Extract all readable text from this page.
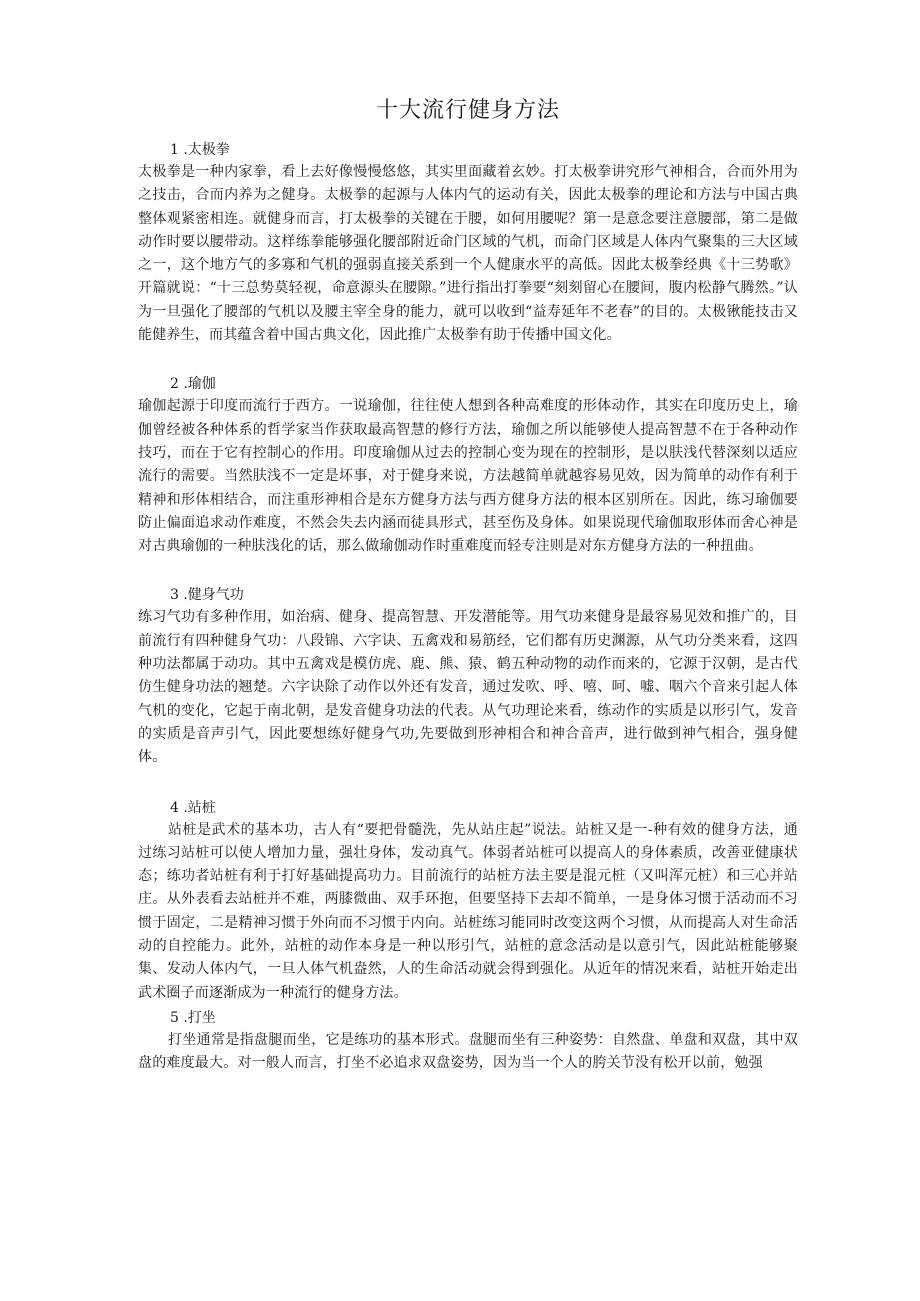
十大流行健身方法

1 .太极拳

太极拳是一种内家拳，看上去好像慢慢悠悠，其实里面藏着玄妙。打太极拳讲究形气神相合，合而外用为之技击，合而内养为之健身。太极拳的起源与人体内气的运动有关，因此太极拳的理论和方法与中国古典整体观紧密相连。就健身而言，打太极拳的关键在于腰，如何用腰呢？第一是意念要注意腰部，第二是做动作时要以腰带动。这样练拳能够强化腰部附近命门区域的气机，而命门区域是人体内气聚集的三大区域之一，这个地方气的多寡和气机的强弱直接关系到一个人健康水平的高低。因此太极拳经典《十三势歌》开篇就说：“十三总势莫轻视，命意源头在腰隙。”进行指出打拳要“刻刻留心在腰间，腹内松静气腾然。”认为一旦强化了腰部的气机以及腰主宰全身的能力，就可以收到“益寿延年不老春”的目的。太极锹能技击又能健养生，而其蕴含着中国古典文化，因此推广太极拳有助于传播中国文化。

2 .瑜伽

瑜伽起源于印度而流行于西方。一说瑜伽，往往使人想到各种高难度的形体动作，其实在印度历史上，瑜伽曾经被各种体系的哲学家当作获取最高智慧的修行方法，瑜伽之所以能够使人提高智慧不在于各种动作技巧，而在于它有控制心的作用。印度瑜伽从过去的控制心变为现在的控制形，是以肤浅代替深刻以适应流行的需要。当然肤浅不一定是坏事，对于健身来说，方法越简单就越容易见效，因为简单的动作有利于精神和形体相结合，而注重形神相合是东方健身方法与西方健身方法的根本区别所在。因此，练习瑜伽要防止偏面追求动作难度，不然会失去内涵而徒具形式，甚至伤及身体。如果说现代瑜伽取形体而舍心神是对古典瑜伽的一种肤浅化的话，那么做瑜伽动作时重难度而轻专注则是对东方健身方法的一种扭曲。

3 .健身气功

练习气功有多种作用，如治病、健身、提高智慧、开发潜能等。用气功来健身是最容易见效和推广的，目前流行有四种健身气功：八段锦、六字诀、五禽戏和易筋经，它们都有历史渊源，从气功分类来看，这四种功法都属于动功。其中五禽戏是模仿虎、鹿、熊、猿、鹤五种动物的动作而来的，它源于汉朝，是古代仿生健身功法的翘楚。六字诀除了动作以外还有发音，通过发吹、呼、嘻、呵、嘘、咽六个音来引起人体气机的变化，它起于南北朝，是发音健身功法的代表。从气功理论来看，练动作的实质是以形引气，发音的实质是音声引气，因此要想练好健身气功,先要做到形神相合和神合音声，进行做到神气相合，强身健体。

4 .站桩

站桩是武术的基本功，古人有“要把骨髓洗，先从站庄起”说法。站桩又是一-种有效的健身方法，通过练习站桩可以使人增加力量，强壮身体，发动真气。体弱者站桩可以提高人的身体素质，改善亚健康状态；练功者站桩有利于打好基础提高功力。目前流行的站桩方法主要是混元桩（又叫浑元桩）和三心并站庄。从外表看去站桩并不难，两膝微曲、双手环抱，但要坚持下去却不简单，一是身体习惯于活动而不习惯于固定，二是精神习惯于外向而不习惯于内向。站桩练习能同时改变这两个习惯，从而提高人对生命活动的自控能力。此外，站桩的动作本身是一种以形引气，站桩的意念活动是以意引气，因此站桩能够聚集、发动人体内气，一旦人体气机盎然，人的生命活动就会得到强化。从近年的情况来看，站桩开始走出武术圈子而逐渐成为一种流行的健身方法。

5 .打坐

打坐通常是指盘腿而坐，它是练功的基本形式。盘腿而坐有三种姿势：自然盘、单盘和双盘，其中双盘的难度最大。对一般人而言，打坐不必追求双盘姿势，因为当一个人的胯关节没有松开以前，勉强
